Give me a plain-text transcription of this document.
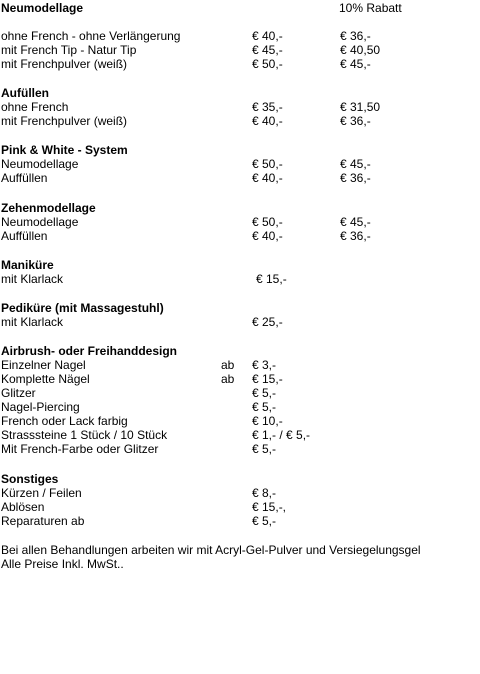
Neumodellage	10% Rabatt
ohne French - ohne Verlängerung	€ 40,-	€ 36,-
mit French Tip - Natur Tip	€ 45,-	€ 40,50
mit Frenchpulver (weiß)	€ 50,-	€ 45,-
Aufüllen
ohne French	€ 35,-	€ 31,50
mit Frenchpulver (weiß)	€ 40,-	€ 36,-
Pink & White - System
Neumodellage	€ 50,-	€ 45,-
Auffüllen	€ 40,-	€ 36,-
Zehenmodellage
Neumodellage	€ 50,-	€ 45,-
Auffüllen	€ 40,-	€ 36,-
Maniküre
mit Klarlack	€ 15,-
Pediküre (mit Massagestuhl)
mit Klarlack	€ 25,-
Airbrush- oder Freihanddesign
Einzelner Nagel	ab € 3,-
Komplette Nägel	ab € 15,-
Glitzer	€ 5,-
Nagel-Piercing	€ 5,-
French oder Lack farbig	€ 10,-
Strasssteine 1 Stück / 10 Stück	€ 1,- / € 5,-
Mit French-Farbe oder Glitzer	€ 5,-
Sonstiges
Kürzen / Feilen	€ 8,-
Ablösen	€ 15,-,
Reparaturen ab	€ 5,-
Bei allen Behandlungen arbeiten wir mit Acryl-Gel-Pulver und Versiegelungsgel
Alle Preise Inkl. MwSt..
